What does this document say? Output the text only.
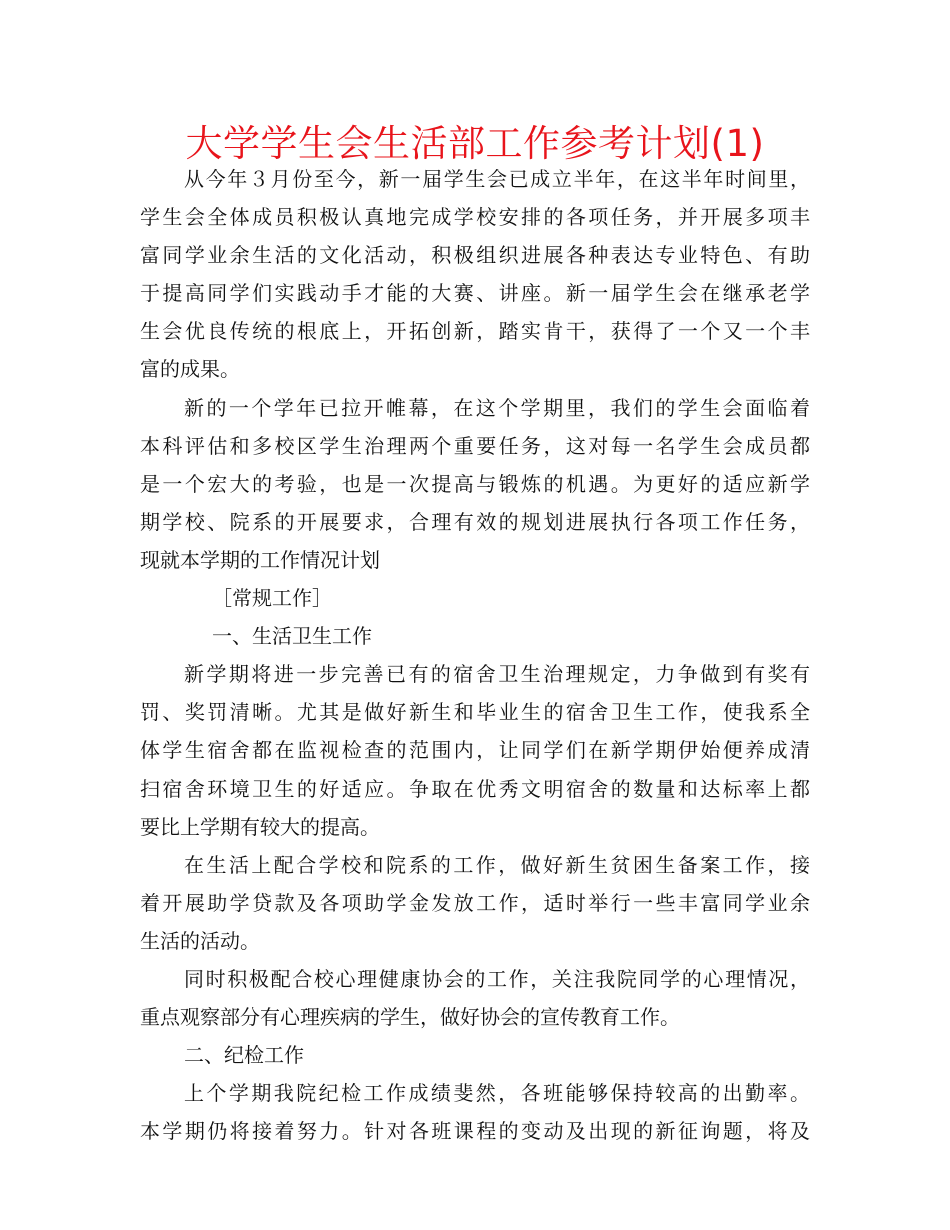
大学学生会生活部工作参考计划(1)
从今年３月份至今，新一届学生会已成立半年，在这半年时间里，
学生会全体成员积极认真地完成学校安排的各项任务，并开展多项丰
富同学业余生活的文化活动，积极组织进展各种表达专业特色、有助
于提高同学们实践动手才能的大赛、讲座。新一届学生会在继承老学
生会优良传统的根底上，开拓创新，踏实肯干，获得了一个又一个丰
富的成果。
新的一个学年已拉开帷幕，在这个学期里，我们的学生会面临着
本科评估和多校区学生治理两个重要任务，这对每一名学生会成员都
是一个宏大的考验，也是一次提高与锻炼的机遇。为更好的适应新学
期学校、院系的开展要求，合理有效的规划进展执行各项工作任务，
现就本学期的工作情况计划
［常规工作］
一、生活卫生工作
新学期将进一步完善已有的宿舍卫生治理规定，力争做到有奖有
罚、奖罚清晰。尤其是做好新生和毕业生的宿舍卫生工作，使我系全
体学生宿舍都在监视检查的范围内，让同学们在新学期伊始便养成清
扫宿舍环境卫生的好适应。争取在优秀文明宿舍的数量和达标率上都
要比上学期有较大的提高。
在生活上配合学校和院系的工作，做好新生贫困生备案工作，接
着开展助学贷款及各项助学金发放工作，适时举行一些丰富同学业余
生活的活动。
同时积极配合校心理健康协会的工作，关注我院同学的心理情况，
重点观察部分有心理疾病的学生，做好协会的宣传教育工作。
二、纪检工作
上个学期我院纪检工作成绩斐然，各班能够保持较高的出勤率。
本学期仍将接着努力。针对各班课程的变动及出现的新征询题，将及
